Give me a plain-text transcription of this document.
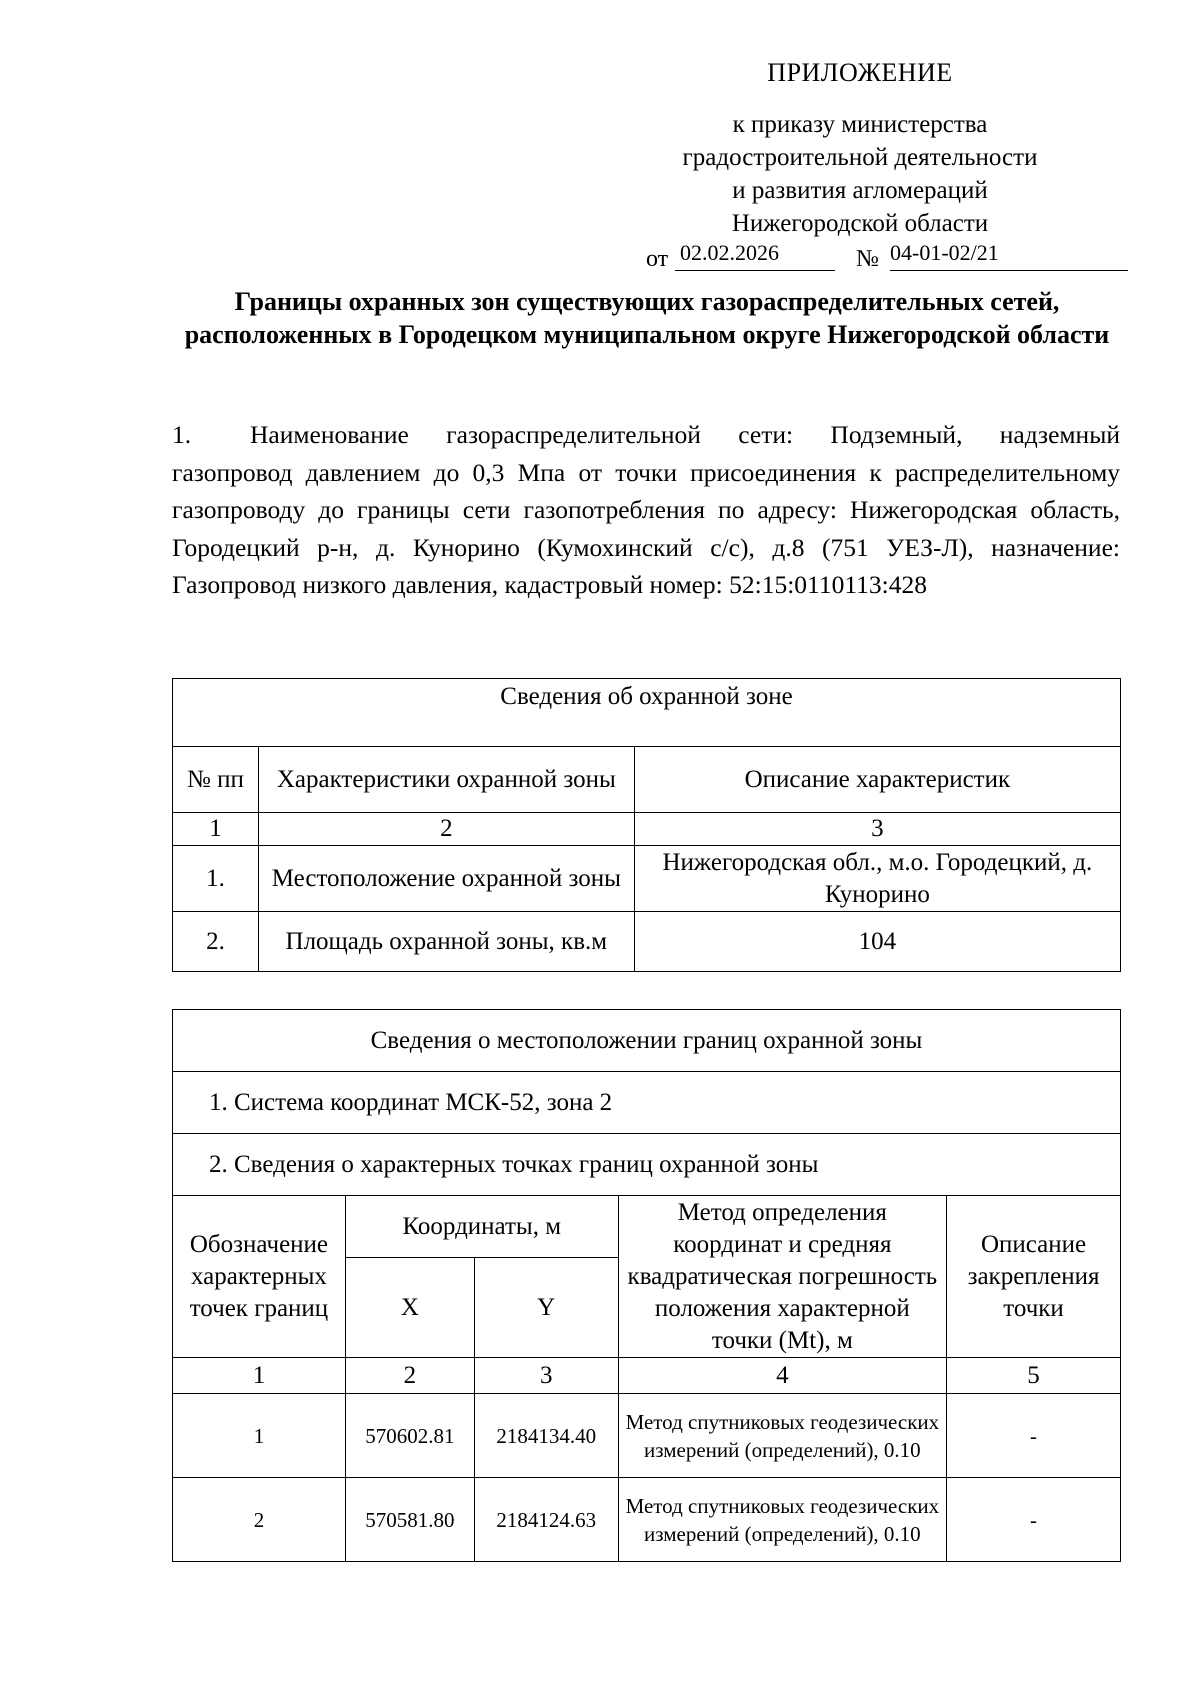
ПРИЛОЖЕНИЕ
к приказу министерства
градостроительной деятельности
и развития агломераций
Нижегородской области
от 02.02.2026	№ 04-01-02/21
Границы охранных зон существующих газораспределительных сетей, расположенных в Городецком муниципальном округе Нижегородской области
1. Наименование газораспределительной сети: Подземный, надземный газопровод давлением до 0,3 Мпа от точки присоединения к распределительному газопроводу до границы сети газопотребления по адресу: Нижегородская область, Городецкий р-н, д. Кунорино (Кумохинский с/с), д.8 (751 УЕЗ-Л), назначение: Газопровод низкого давления, кадастровый номер: 52:15:0110113:428
Сведения об охранной зоне		
№ пп	Характеристики охранной зоны	Описание характеристик
1	2	3
1.	Местоположение охранной зоны	Нижегородская обл., м.о. Городецкий, д. Кунорино
2.	Площадь охранной зоны, кв.м	104
Сведения о местоположении границ охранной зоны				
1. Система координат МСК-52, зона 2				
2. Сведения о характерных точках границ охранной зоны				
Обозначение характерных точек границ	Координаты, м		Метод определения координат и средняя квадратическая погрешность положения характерной точки (Mt), м	Описание закрепления точки
	X	Y		
1	2	3	4	5
1	570602.81	2184134.40	Метод спутниковых геодезических измерений (определений), 0.10	-
2	570581.80	2184124.63	Метод спутниковых геодезических измерений (определений), 0.10	-
